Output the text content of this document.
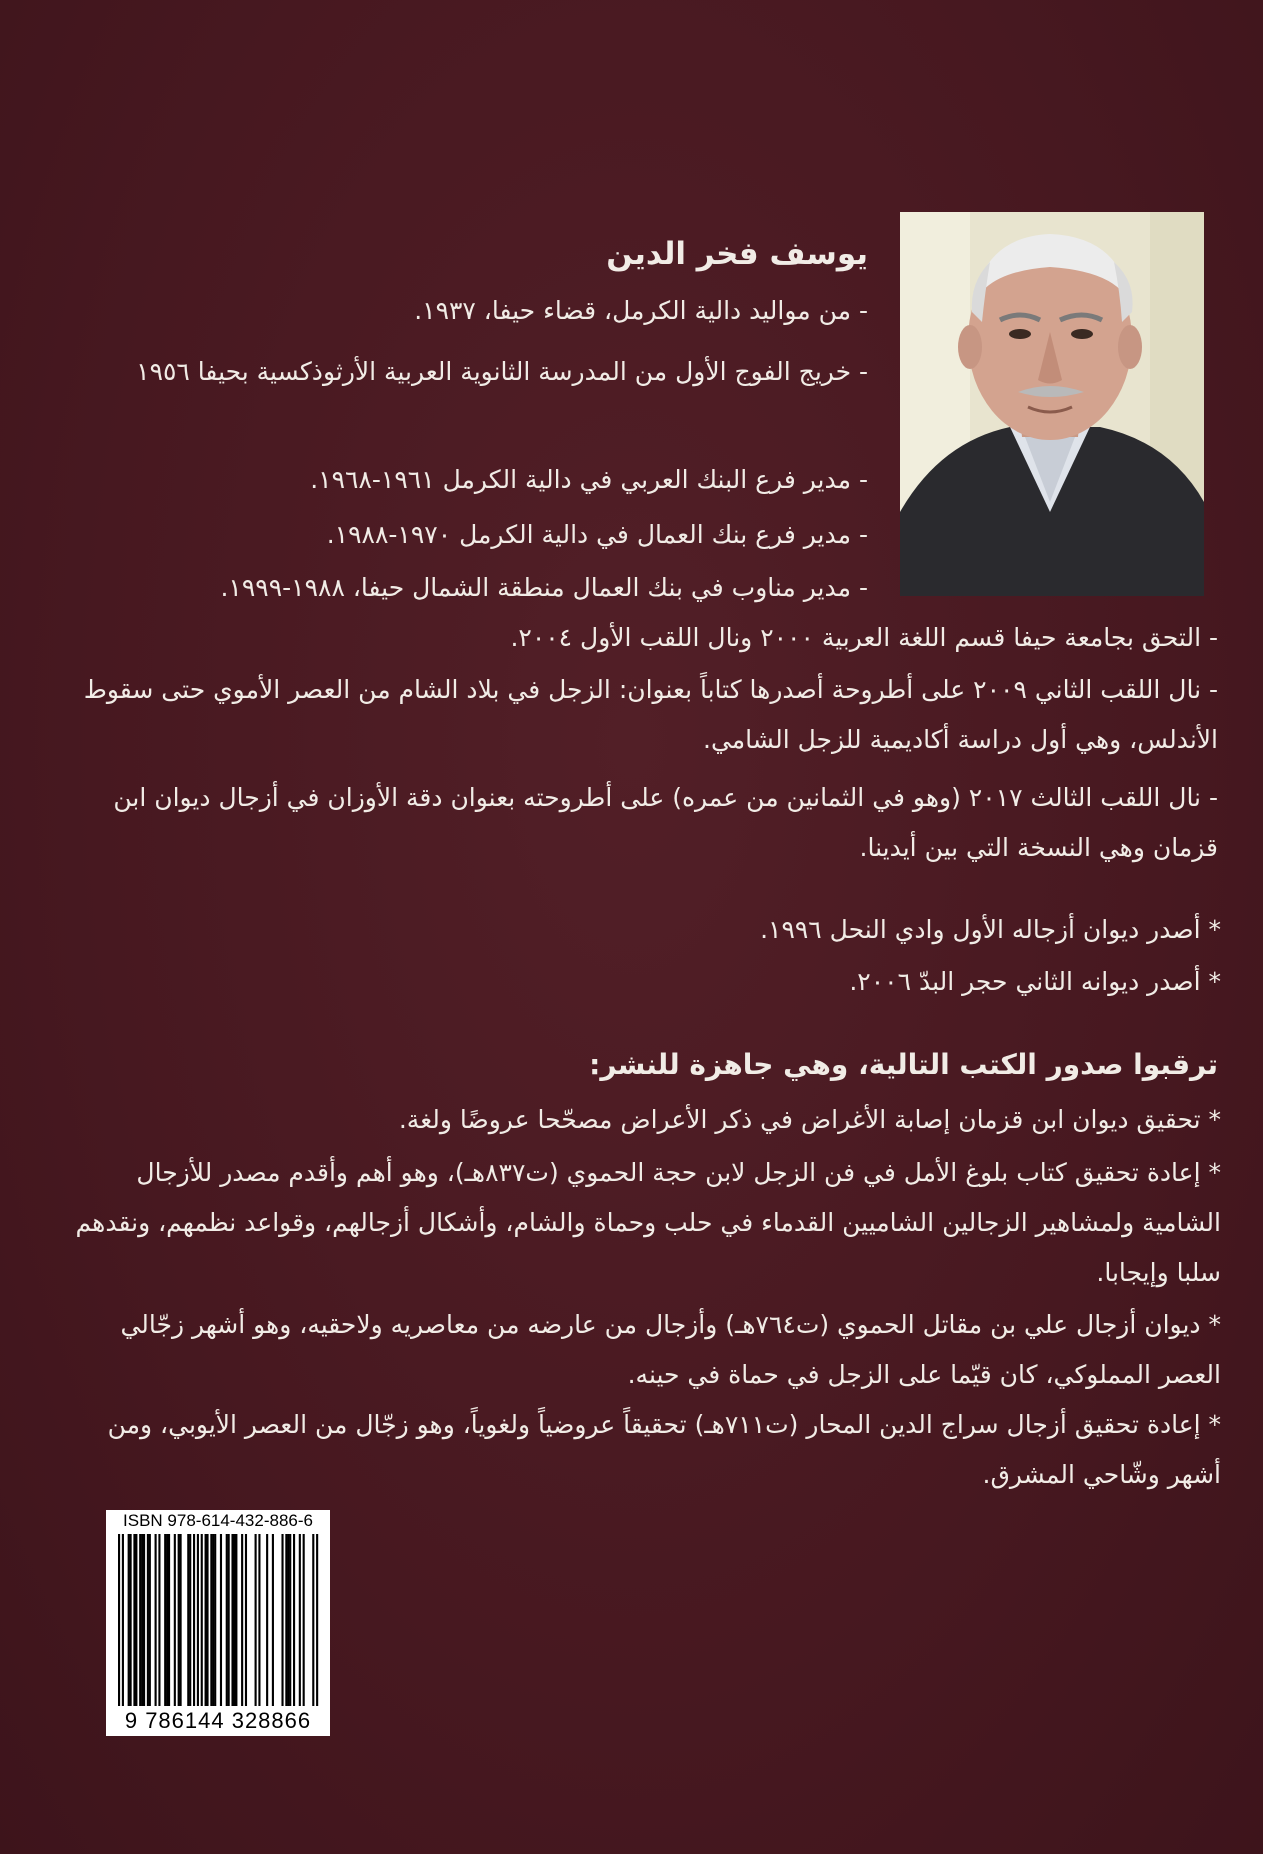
يوسف فخر الدين
- من مواليد دالية الكرمل، قضاء حيفا، ١٩٣٧.
- خريج الفوج الأول من المدرسة الثانوية العربية الأرثوذكسية بحيفا ١٩٥٦
- مدير فرع البنك العربي في دالية الكرمل ١٩٦١-١٩٦٨.
- مدير فرع بنك العمال في دالية الكرمل ١٩٧٠-١٩٨٨.
- مدير مناوب في بنك العمال منطقة الشمال حيفا، ١٩٨٨-١٩٩٩.
- التحق بجامعة حيفا قسم اللغة العربية ٢٠٠٠ ونال اللقب الأول ٢٠٠٤.
- نال اللقب الثاني ٢٠٠٩ على أطروحة أصدرها كتاباً بعنوان: الزجل في بلاد الشام من العصر الأموي حتى سقوط الأندلس، وهي أول دراسة أكاديمية للزجل الشامي.
- نال اللقب الثالث ٢٠١٧ (وهو في الثمانين من عمره) على أطروحته بعنوان دقة الأوزان في أزجال ديوان ابن قزمان وهي النسخة التي بين أيدينا.
* أصدر ديوان أزجاله الأول وادي النحل ١٩٩٦.
* أصدر ديوانه الثاني حجر البدّ ٢٠٠٦.
ترقبوا صدور الكتب التالية، وهي جاهزة للنشر:
* تحقيق ديوان ابن قزمان إصابة الأغراض في ذكر الأعراض مصحّحا عروضًا ولغة.
* إعادة تحقيق كتاب بلوغ الأمل في فن الزجل لابن حجة الحموي (ت٨٣٧هـ)، وهو أهم وأقدم مصدر للأزجال الشامية ولمشاهير الزجالين الشاميين القدماء في حلب وحماة والشام، وأشكال أزجالهم، وقواعد نظمهم، ونقدهم سلبا وإيجابا.
* ديوان أزجال علي بن مقاتل الحموي (ت٧٦٤هـ) وأزجال من عارضه من معاصريه ولاحقيه، وهو أشهر زجّالي العصر المملوكي، كان قيّما على الزجل في حماة في حينه.
* إعادة تحقيق أزجال سراج الدين المحار (ت٧١١هـ) تحقيقاً عروضياً ولغوياً، وهو زجّال من العصر الأيوبي، ومن أشهر وشّاحي المشرق.
ISBN 978-614-432-886-6
9 786144 328866
